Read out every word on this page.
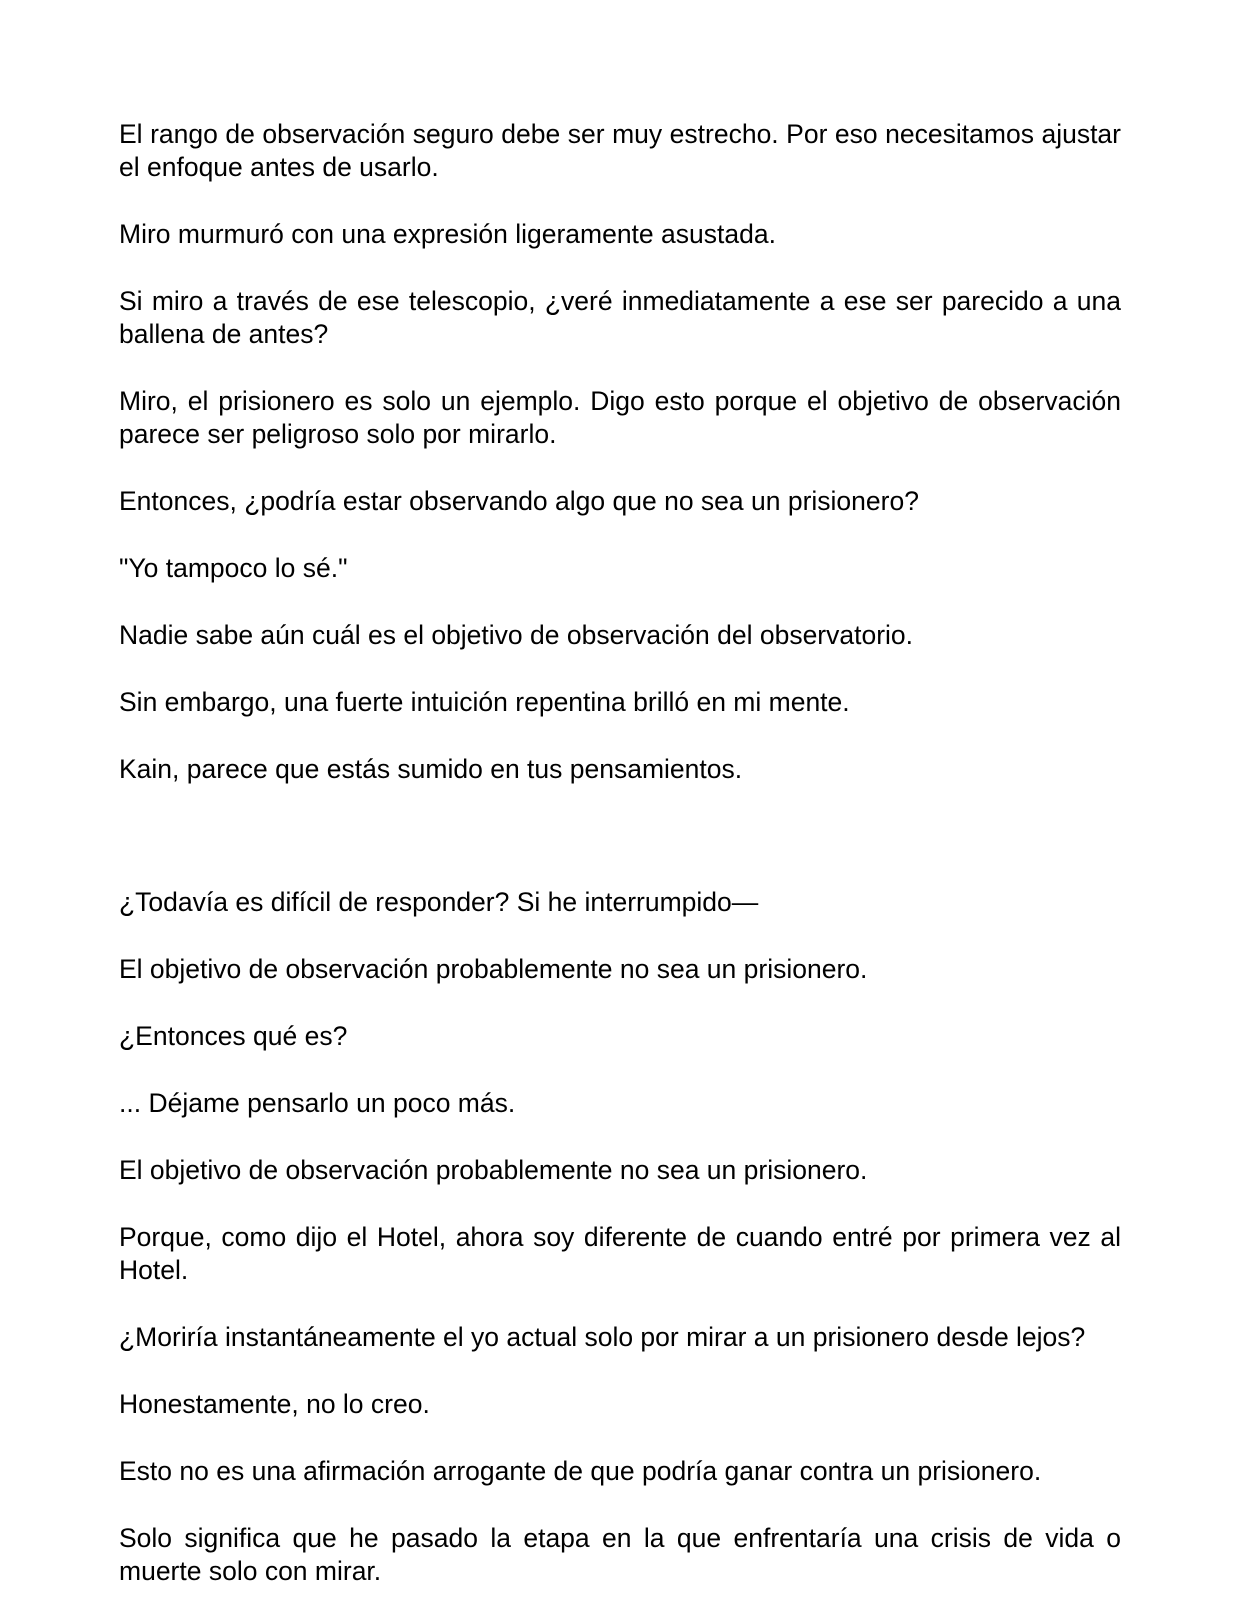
El rango de observación seguro debe ser muy estrecho. Por eso necesitamos ajustar el enfoque antes de usarlo.

Miro murmuró con una expresión ligeramente asustada.

Si miro a través de ese telescopio, ¿veré inmediatamente a ese ser parecido a una ballena de antes?

Miro, el prisionero es solo un ejemplo. Digo esto porque el objetivo de observación parece ser peligroso solo por mirarlo.

Entonces, ¿podría estar observando algo que no sea un prisionero?

"Yo tampoco lo sé."

Nadie sabe aún cuál es el objetivo de observación del observatorio.

Sin embargo, una fuerte intuición repentina brilló en mi mente.

Kain, parece que estás sumido en tus pensamientos.

¿Todavía es difícil de responder? Si he interrumpido—

El objetivo de observación probablemente no sea un prisionero.

¿Entonces qué es?

... Déjame pensarlo un poco más.

El objetivo de observación probablemente no sea un prisionero.

Porque, como dijo el Hotel, ahora soy diferente de cuando entré por primera vez al Hotel.

¿Moriría instantáneamente el yo actual solo por mirar a un prisionero desde lejos?

Honestamente, no lo creo.

Esto no es una afirmación arrogante de que podría ganar contra un prisionero.

Solo significa que he pasado la etapa en la que enfrentaría una crisis de vida o muerte solo con mirar.
